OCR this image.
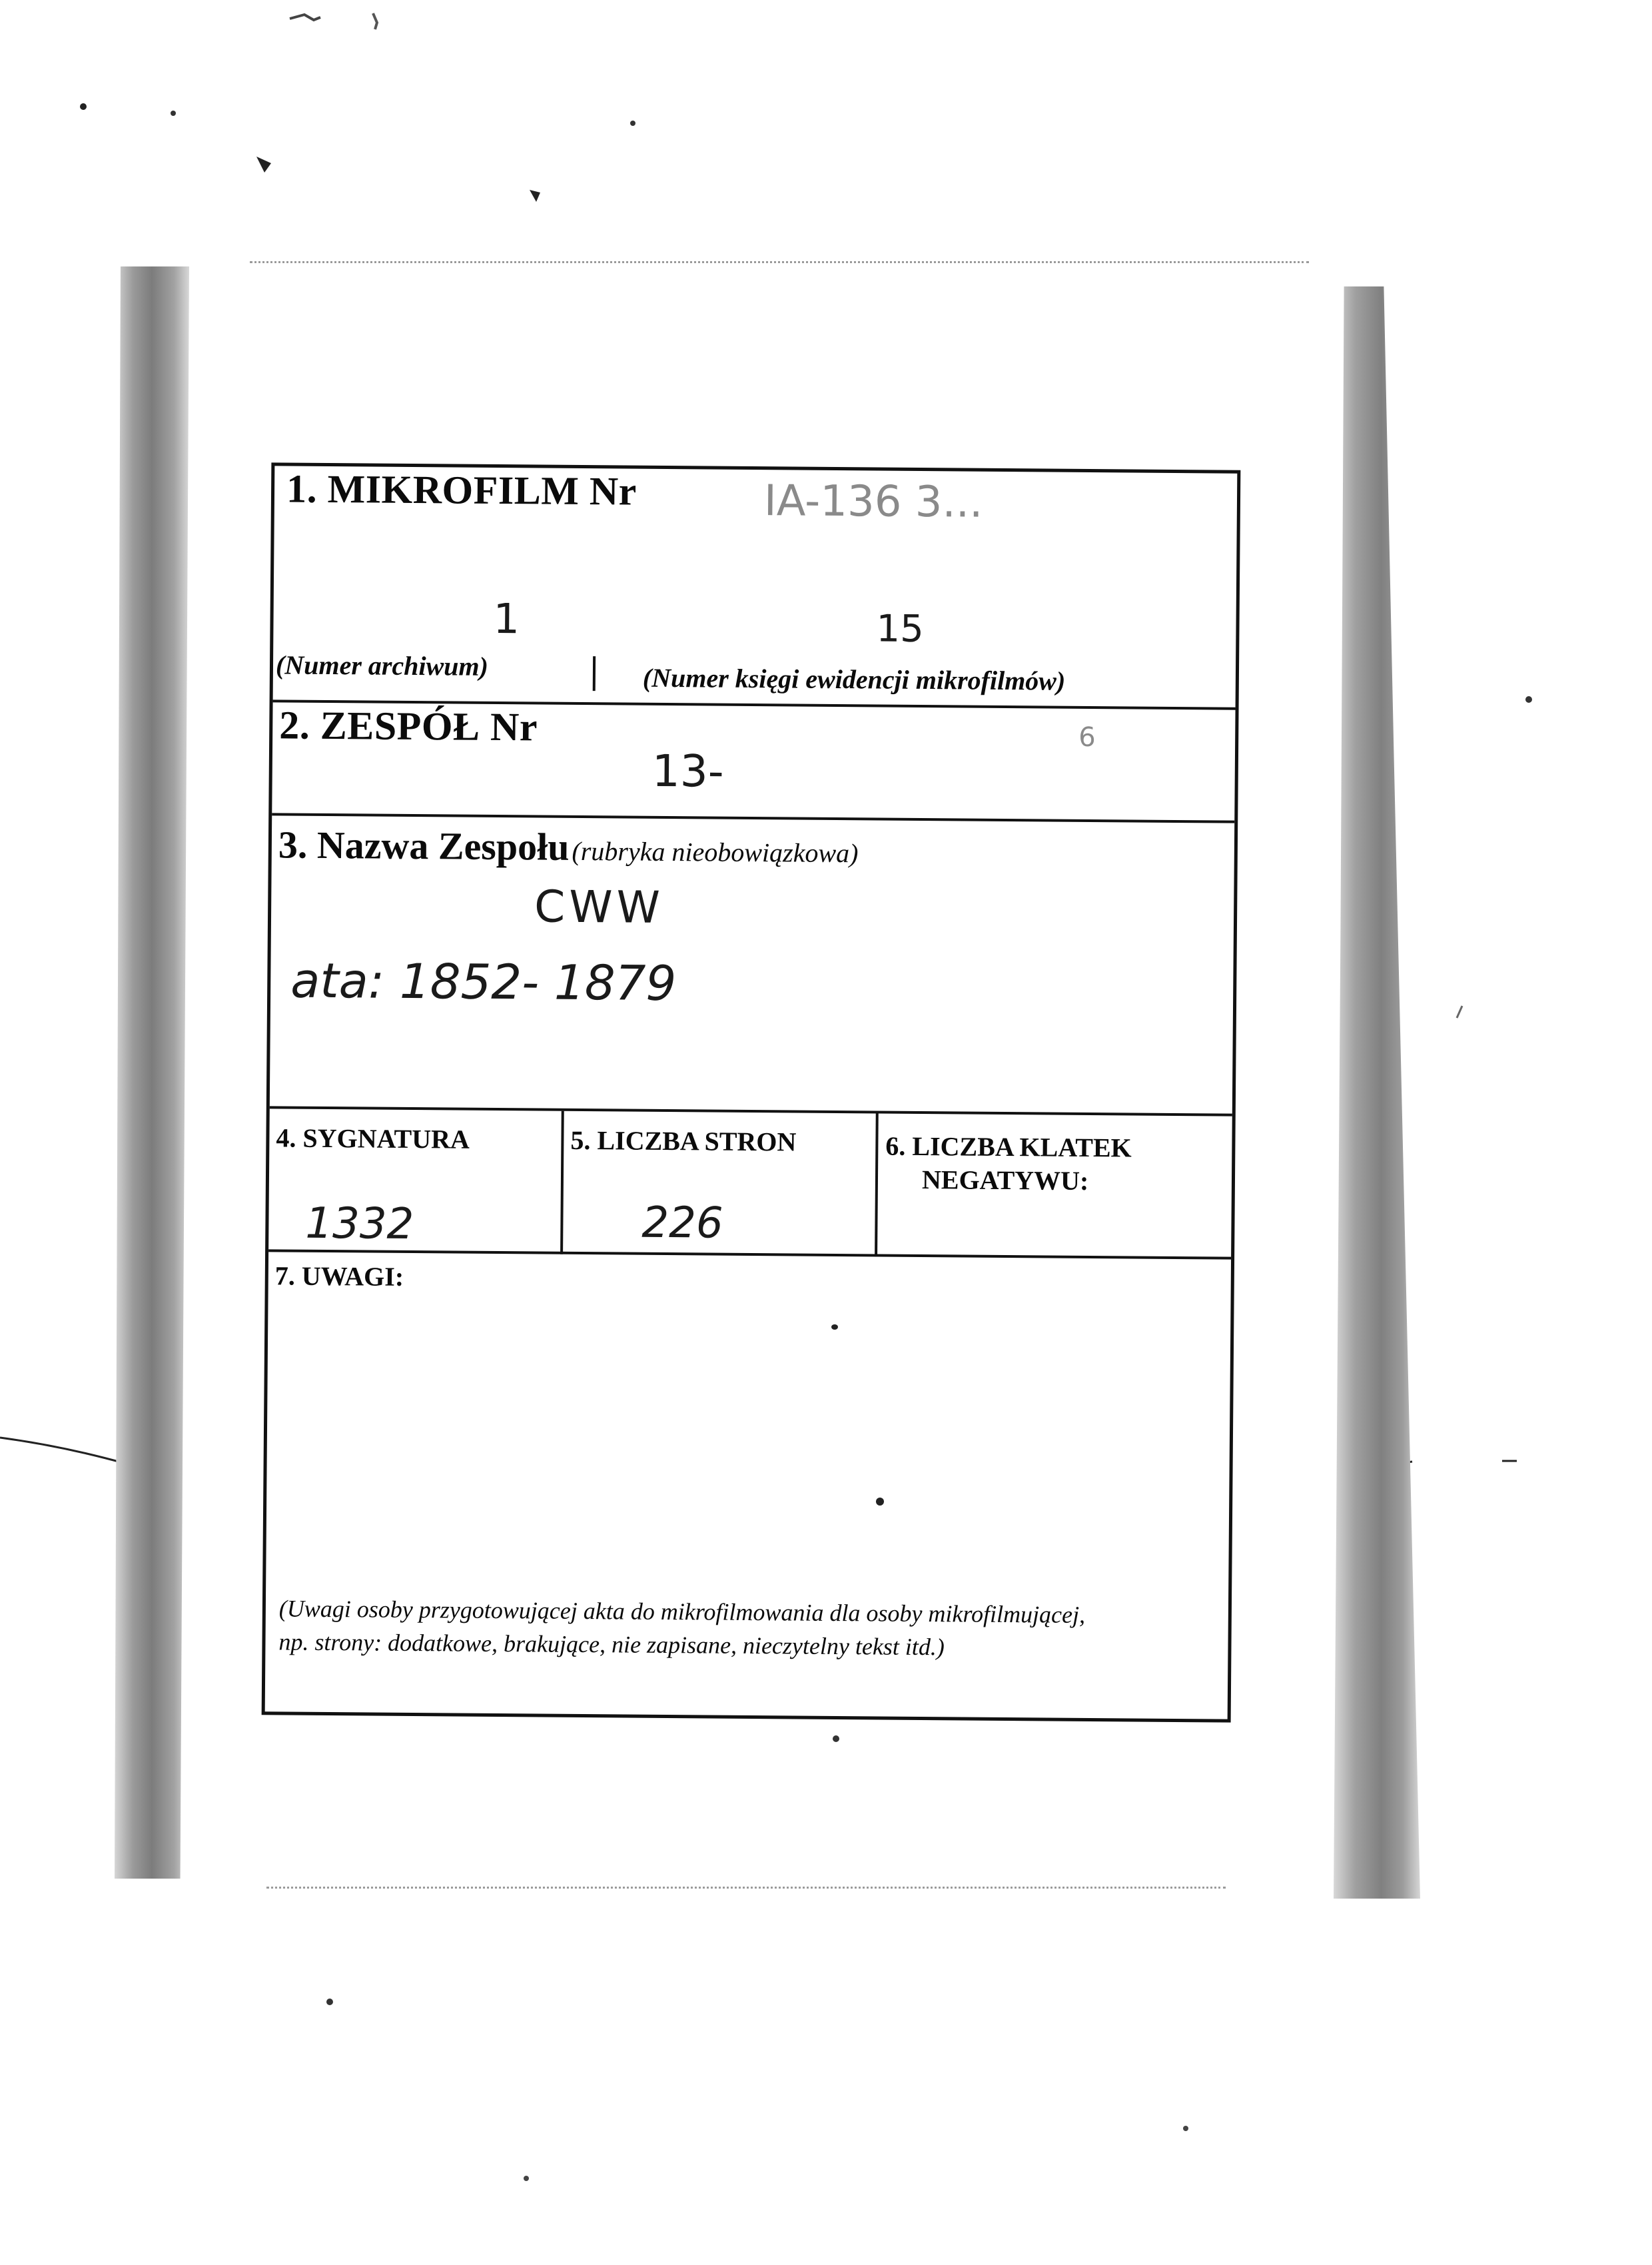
1. MIKROFILM Nr	IA-136 3...
1	15
(Numer archiwum)	(Numer księgi ewidencji mikrofilmów)
2. ZESPÓŁ Nr
13-
6
3. Nazwa Zespołu (rubryka nieobowiązkowa)
CWW
ata: 1852- 1879
4. SYGNATURA
1332
5. LICZBA STRON
226
6. LICZBA KLATEK
NEGATYWU:
7. UWAGI:
(Uwagi osoby przygotowującej akta do mikrofilmowania dla osoby mikrofilmującej,
np. strony: dodatkowe, brakujące, nie zapisane, nieczytelny tekst itd.)
